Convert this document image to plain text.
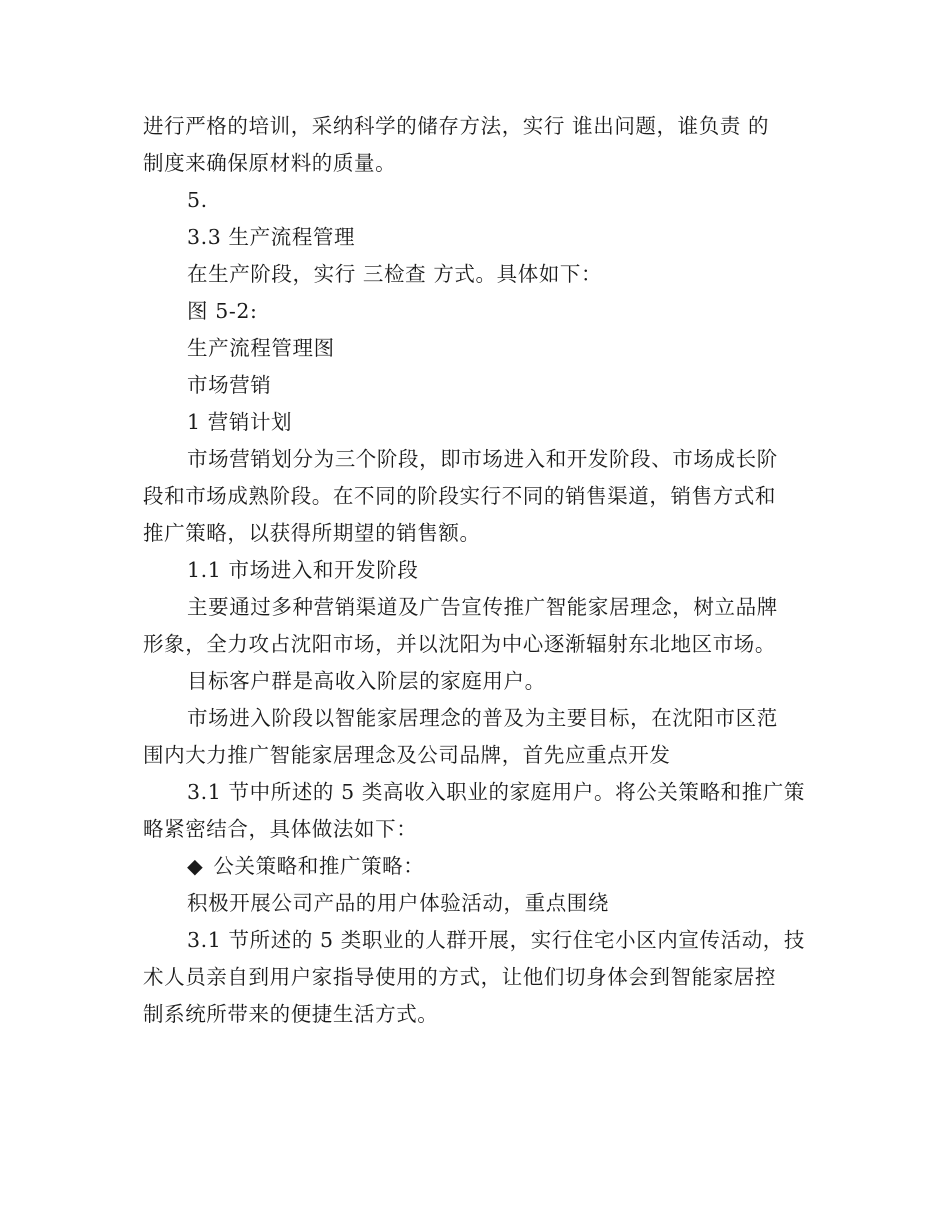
进行严格的培训，采纳科学的储存方法，实行 谁出问题，谁负责 的
制度来确保原材料的质量。
5.
3.3 生产流程管理
在生产阶段，实行 三检查 方式。具体如下：
图 5-2:
生产流程管理图
市场营销
1 营销计划
市场营销划分为三个阶段，即市场进入和开发阶段、市场成长阶
段和市场成熟阶段。在不同的阶段实行不同的销售渠道，销售方式和
推广策略，以获得所期望的销售额。
1.1 市场进入和开发阶段
主要通过多种营销渠道及广告宣传推广智能家居理念，树立品牌
形象，全力攻占沈阳市场，并以沈阳为中心逐渐辐射东北地区市场。
目标客户群是高收入阶层的家庭用户。
市场进入阶段以智能家居理念的普及为主要目标，在沈阳市区范
围内大力推广智能家居理念及公司品牌，首先应重点开发
3.1 节中所述的 5 类高收入职业的家庭用户。将公关策略和推广策
略紧密结合，具体做法如下：
◆ 公关策略和推广策略：
积极开展公司产品的用户体验活动，重点围绕
3.1 节所述的 5 类职业的人群开展，实行住宅小区内宣传活动，技
术人员亲自到用户家指导使用的方式，让他们切身体会到智能家居控
制系统所带来的便捷生活方式。
